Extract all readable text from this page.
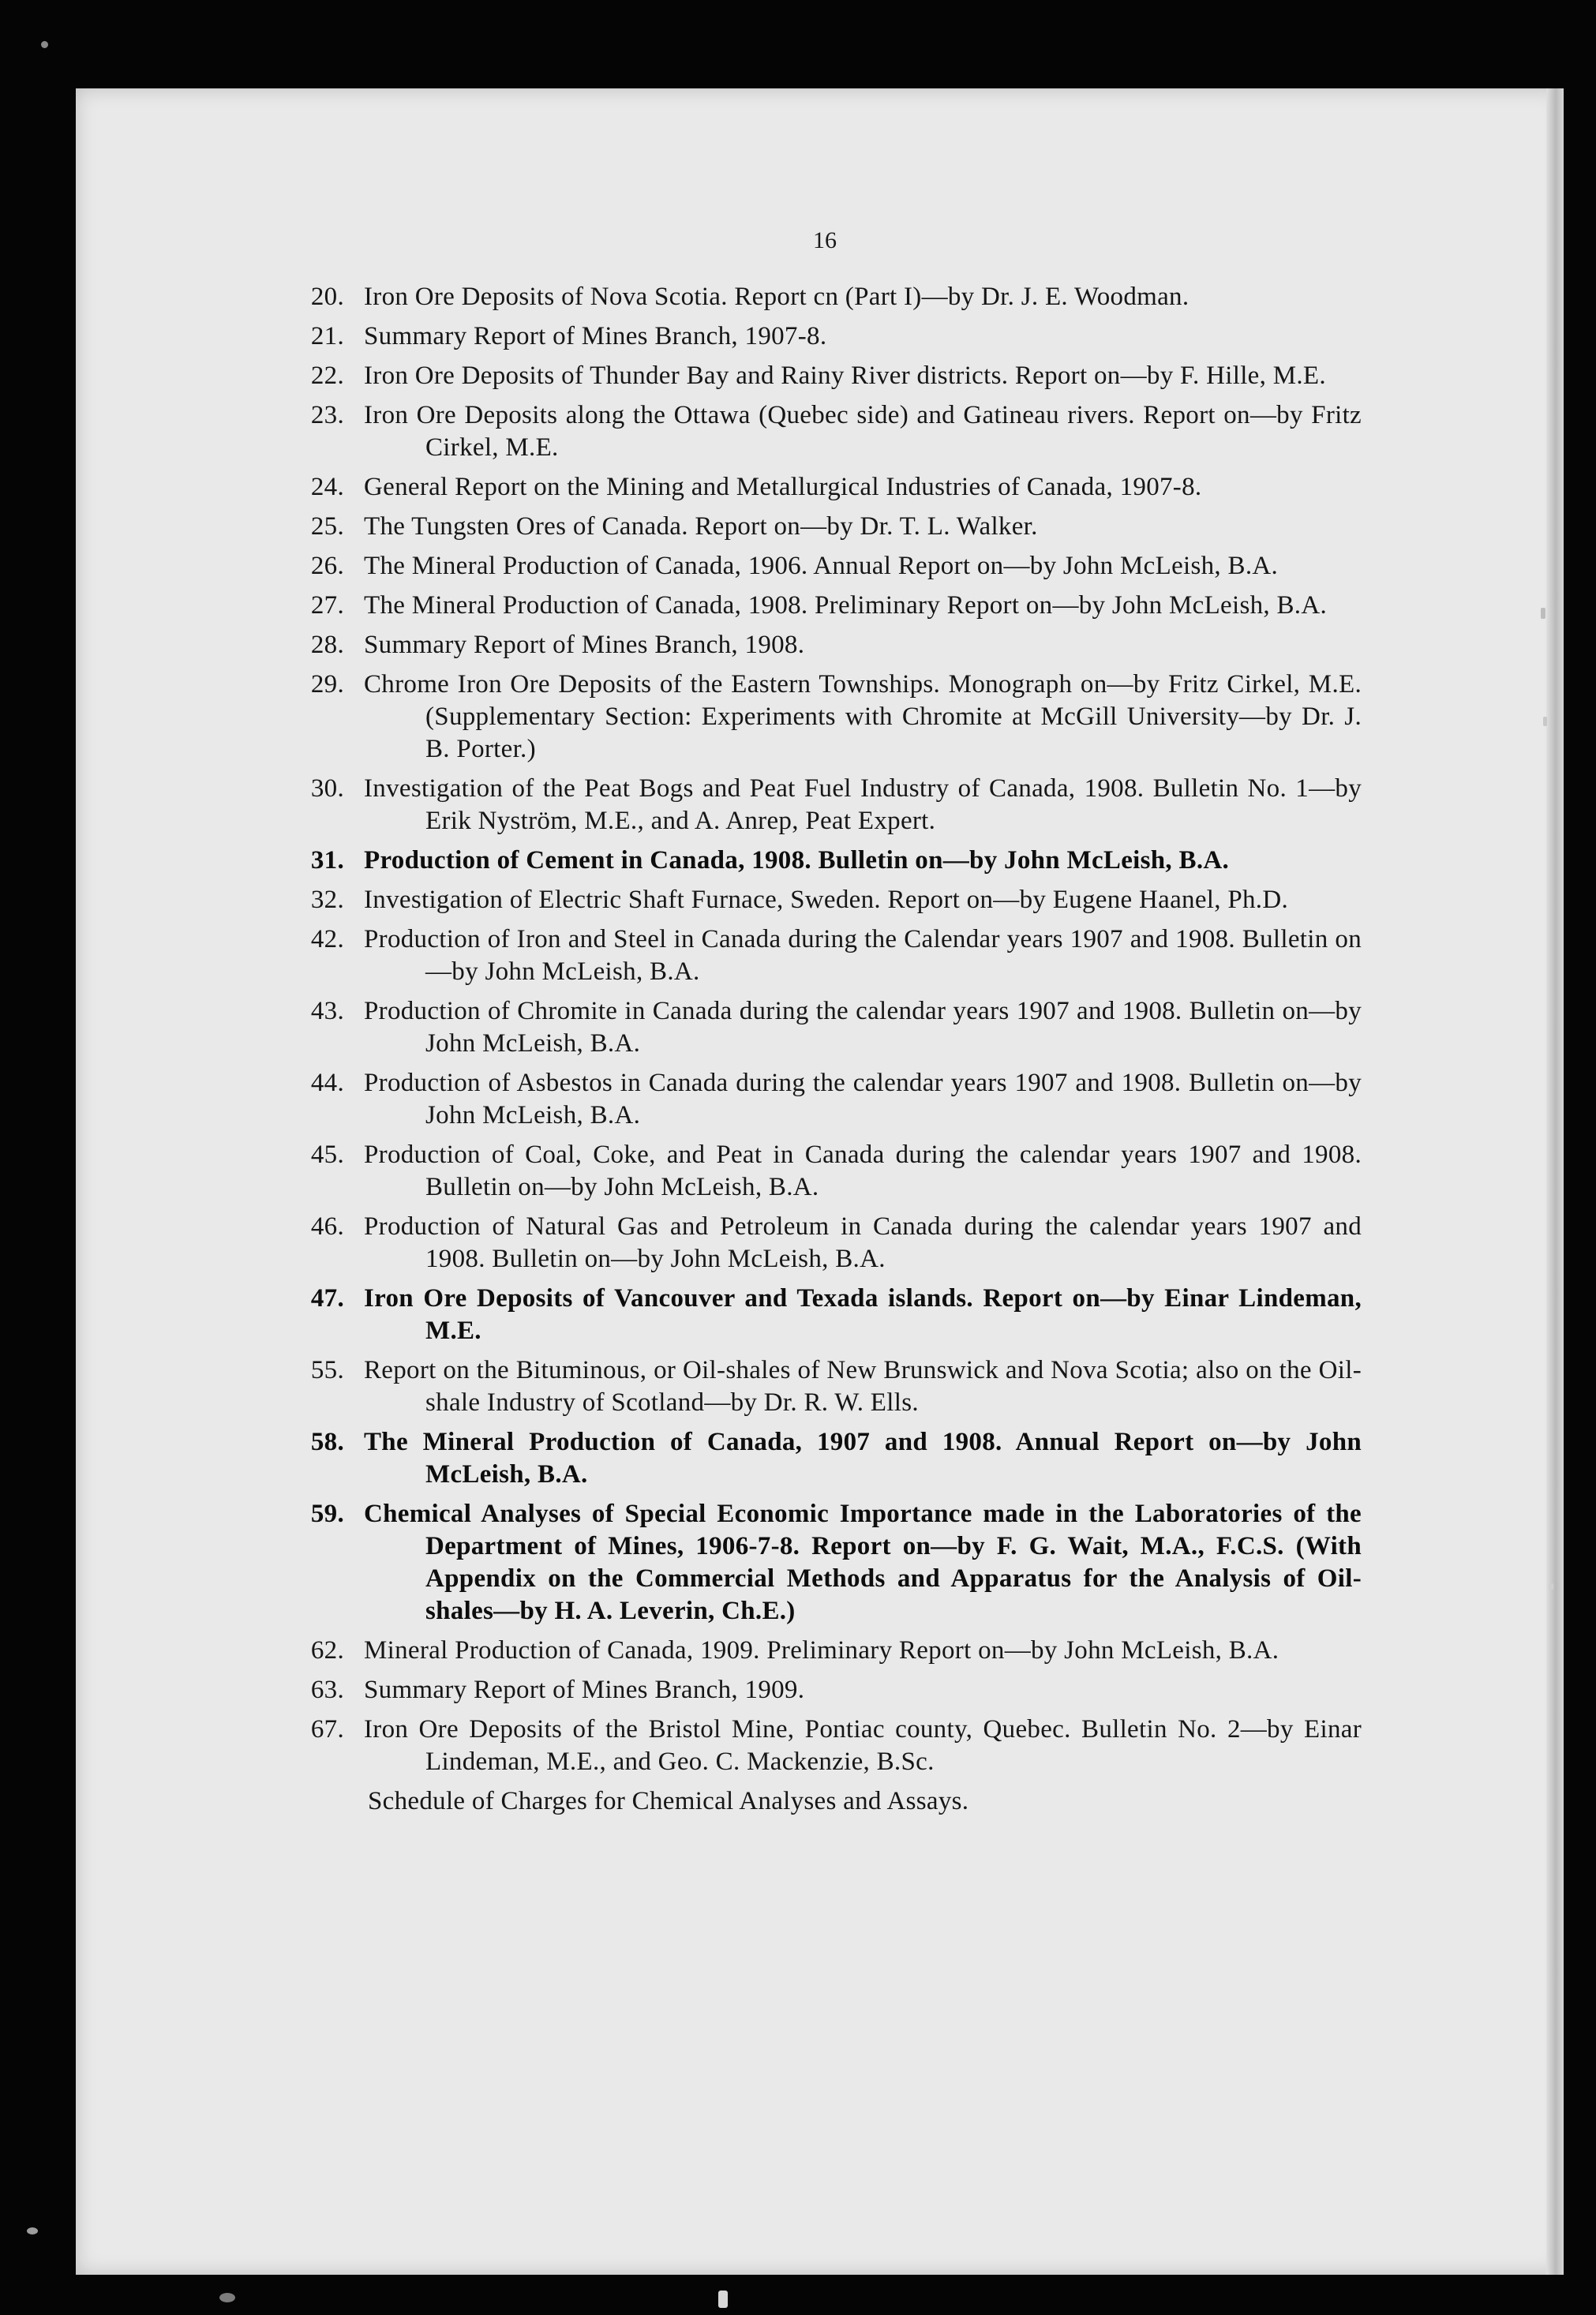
16
20. Iron Ore Deposits of Nova Scotia. Report cn (Part I)—by Dr. J. E. Woodman.
21. Summary Report of Mines Branch, 1907-8.
22. Iron Ore Deposits of Thunder Bay and Rainy River districts. Report on—by F. Hille, M.E.
23. Iron Ore Deposits along the Ottawa (Quebec side) and Gatineau rivers. Report on—by Fritz Cirkel, M.E.
24. General Report on the Mining and Metallurgical Industries of Canada, 1907-8.
25. The Tungsten Ores of Canada. Report on—by Dr. T. L. Walker.
26. The Mineral Production of Canada, 1906. Annual Report on—by John McLeish, B.A.
27. The Mineral Production of Canada, 1908. Preliminary Report on—by John McLeish, B.A.
28. Summary Report of Mines Branch, 1908.
29. Chrome Iron Ore Deposits of the Eastern Townships. Monograph on—by Fritz Cirkel, M.E. (Supplementary Section: Experiments with Chromite at McGill University—by Dr. J. B. Porter.)
30. Investigation of the Peat Bogs and Peat Fuel Industry of Canada, 1908. Bulletin No. 1—by Erik Nyström, M.E., and A. Anrep, Peat Expert.
31. Production of Cement in Canada, 1908. Bulletin on—by John McLeish, B.A.
32. Investigation of Electric Shaft Furnace, Sweden. Report on—by Eugene Haanel, Ph.D.
42. Production of Iron and Steel in Canada during the Calendar years 1907 and 1908. Bulletin on—by John McLeish, B.A.
43. Production of Chromite in Canada during the calendar years 1907 and 1908. Bulletin on—by John McLeish, B.A.
44. Production of Asbestos in Canada during the calendar years 1907 and 1908. Bulletin on—by John McLeish, B.A.
45. Production of Coal, Coke, and Peat in Canada during the calendar years 1907 and 1908. Bulletin on—by John McLeish, B.A.
46. Production of Natural Gas and Petroleum in Canada during the calendar years 1907 and 1908. Bulletin on—by John McLeish, B.A.
47. Iron Ore Deposits of Vancouver and Texada islands. Report on—by Einar Lindeman, M.E.
55. Report on the Bituminous, or Oil-shales of New Brunswick and Nova Scotia; also on the Oil-shale Industry of Scotland—by Dr. R. W. Ells.
58. The Mineral Production of Canada, 1907 and 1908. Annual Report on—by John McLeish, B.A.
59. Chemical Analyses of Special Economic Importance made in the Laboratories of the Department of Mines, 1906-7-8. Report on—by F. G. Wait, M.A., F.C.S. (With Appendix on the Commercial Methods and Apparatus for the Analysis of Oil-shales—by H. A. Leverin, Ch.E.)
62. Mineral Production of Canada, 1909. Preliminary Report on—by John McLeish, B.A.
63. Summary Report of Mines Branch, 1909.
67. Iron Ore Deposits of the Bristol Mine, Pontiac county, Quebec. Bulletin No. 2—by Einar Lindeman, M.E., and Geo. C. Mackenzie, B.Sc.
Schedule of Charges for Chemical Analyses and Assays.
